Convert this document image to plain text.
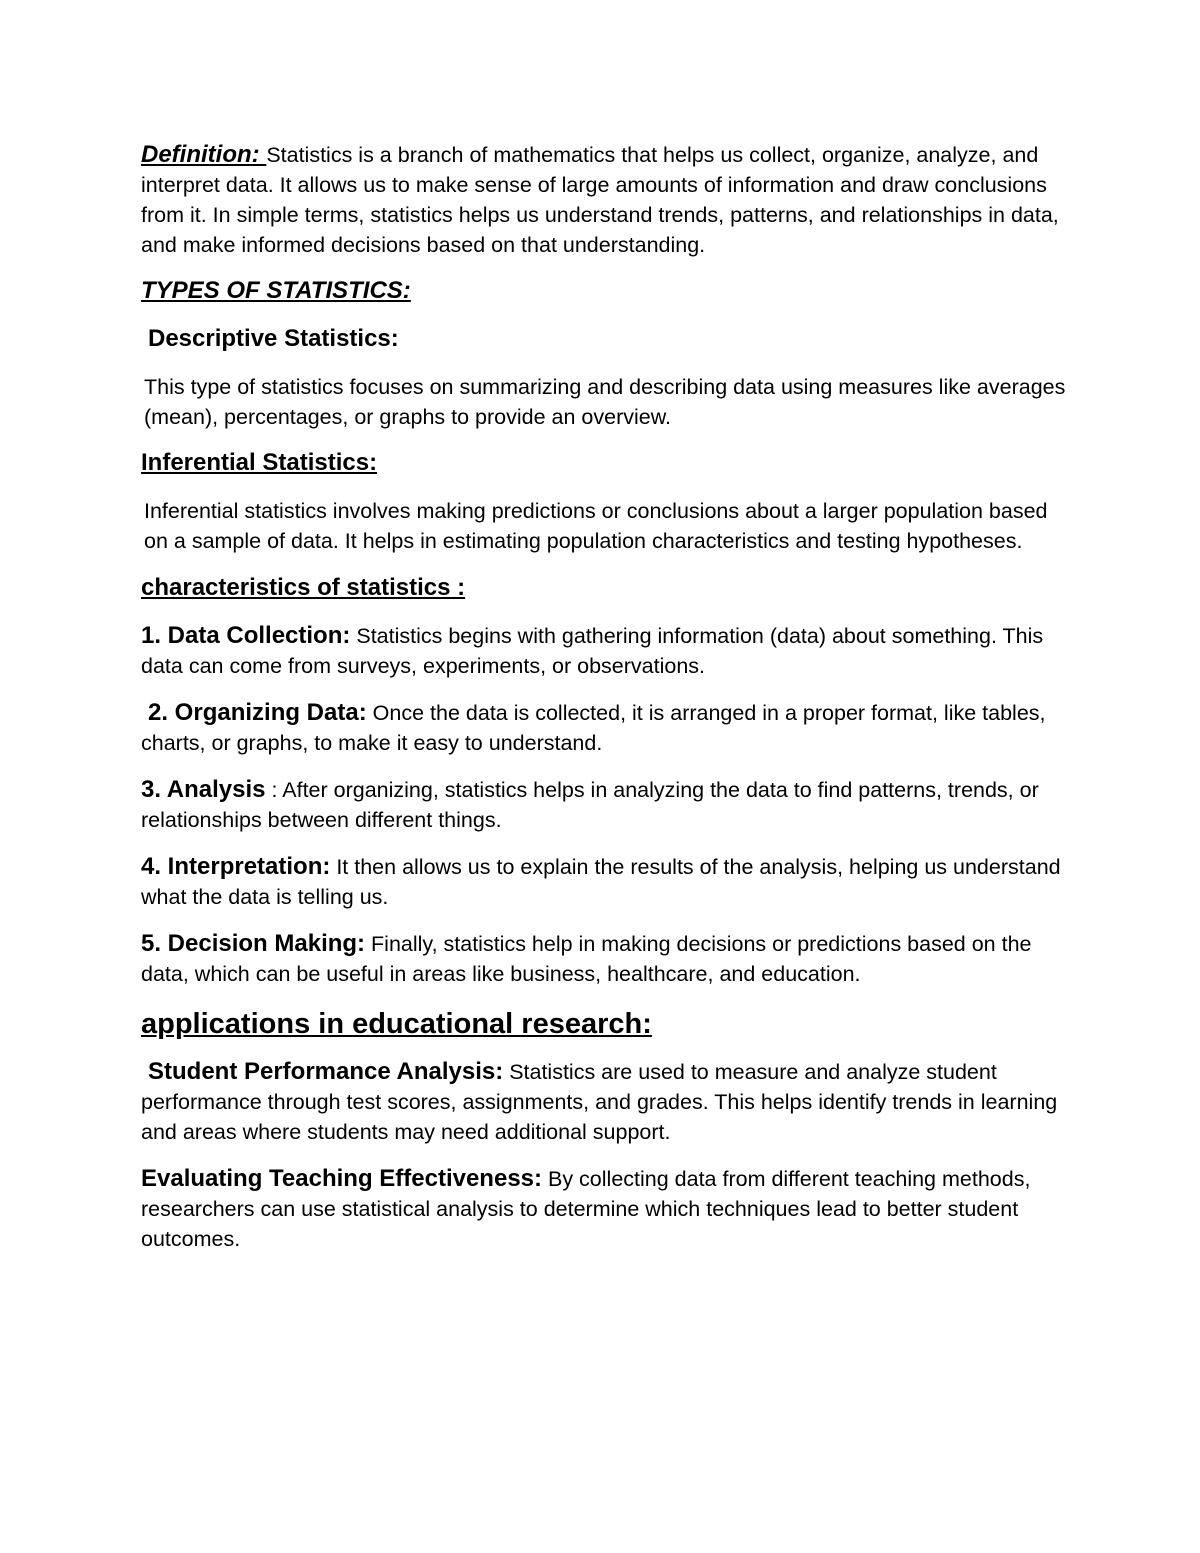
Definition: Statistics is a branch of mathematics that helps us collect, organize, analyze, and interpret data. It allows us to make sense of large amounts of information and draw conclusions from it. In simple terms, statistics helps us understand trends, patterns, and relationships in data, and make informed decisions based on that understanding.

TYPES OF STATISTICS:

Descriptive Statistics:

This type of statistics focuses on summarizing and describing data using measures like averages (mean), percentages, or graphs to provide an overview.

Inferential Statistics:

Inferential statistics involves making predictions or conclusions about a larger population based on a sample of data. It helps in estimating population characteristics and testing hypotheses.

characteristics of statistics :

1. Data Collection: Statistics begins with gathering information (data) about something. This data can come from surveys, experiments, or observations.

2. Organizing Data: Once the data is collected, it is arranged in a proper format, like tables, charts, or graphs, to make it easy to understand.

3. Analysis : After organizing, statistics helps in analyzing the data to find patterns, trends, or relationships between different things.

4. Interpretation: It then allows us to explain the results of the analysis, helping us understand what the data is telling us.

5. Decision Making: Finally, statistics help in making decisions or predictions based on the data, which can be useful in areas like business, healthcare, and education.

applications in educational research:

Student Performance Analysis: Statistics are used to measure and analyze student performance through test scores, assignments, and grades. This helps identify trends in learning and areas where students may need additional support.

Evaluating Teaching Effectiveness: By collecting data from different teaching methods, researchers can use statistical analysis to determine which techniques lead to better student outcomes.
